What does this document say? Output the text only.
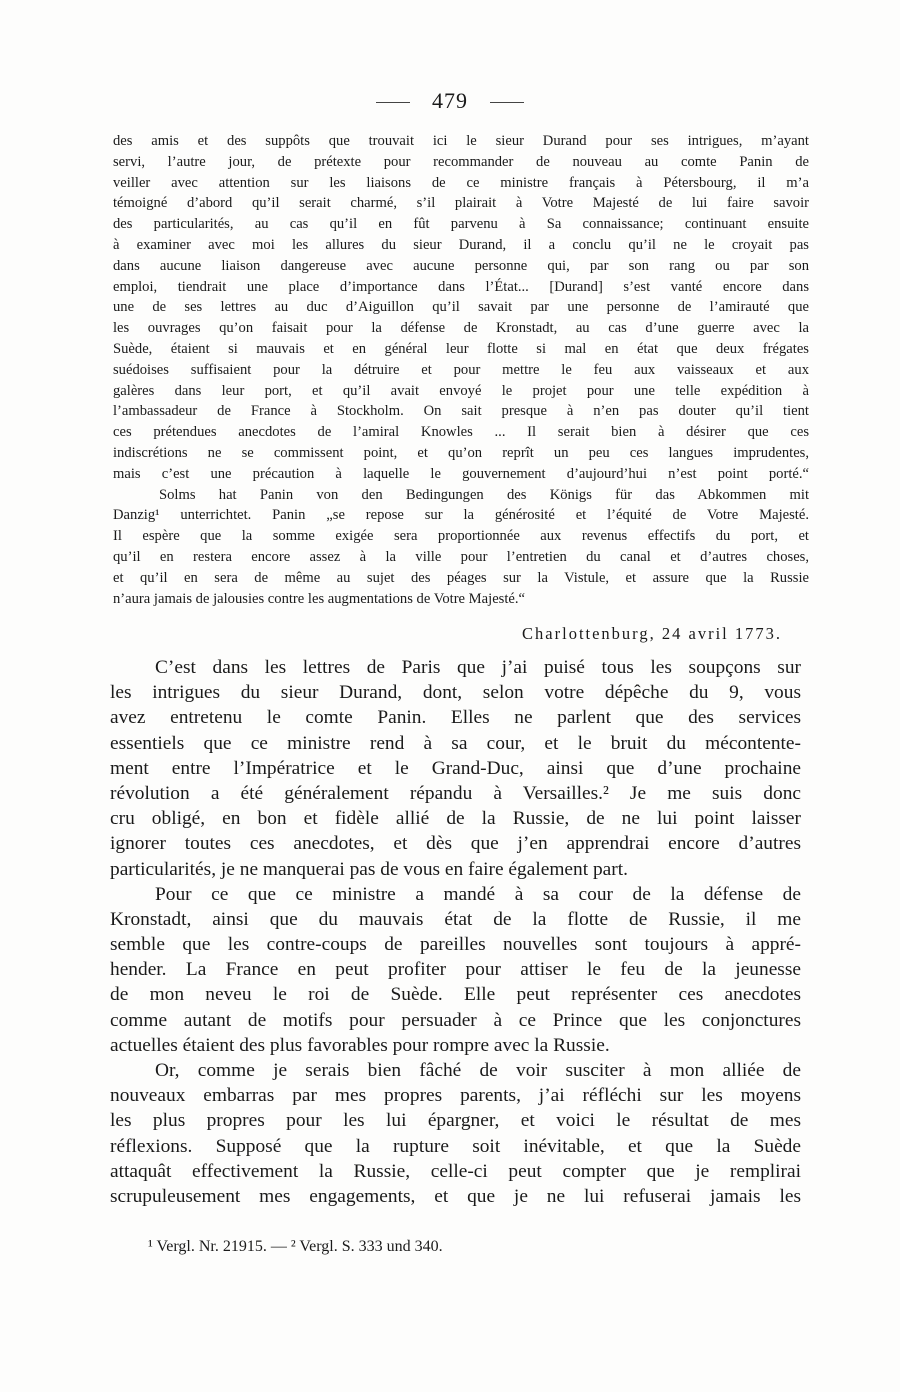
479
des amis et des suppôts que trouvait ici le sieur Durand pour ses intrigues, m’ayant
servi, l’autre jour, de prétexte pour recommander de nouveau au comte Panin de
veiller avec attention sur les liaisons de ce ministre français à Pétersbourg, il m’a
témoigné d’abord qu’il serait charmé, s’il plairait à Votre Majesté de lui faire savoir
des particularités, au cas qu’il en fût parvenu à Sa connaissance; continuant ensuite
à examiner avec moi les allures du sieur Durand, il a conclu qu’il ne le croyait pas
dans aucune liaison dangereuse avec aucune personne qui, par son rang ou par son
emploi, tiendrait une place d’importance dans l’État... [Durand] s’est vanté encore dans
une de ses lettres au duc d’Aiguillon qu’il savait par une personne de l’amirauté que
les ouvrages qu’on faisait pour la défense de Kronstadt, au cas d’une guerre avec la
Suède, étaient si mauvais et en général leur flotte si mal en état que deux frégates
suédoises suffisaient pour la détruire et pour mettre le feu aux vaisseaux et aux
galères dans leur port, et qu’il avait envoyé le projet pour une telle expédition à
l’ambassadeur de France à Stockholm. On sait presque à n’en pas douter qu’il tient
ces prétendues anecdotes de l’amiral Knowles ... Il serait bien à désirer que ces
indiscrétions ne se commissent point, et qu’on reprît un peu ces langues imprudentes,
mais c’est une précaution à laquelle le gouvernement d’aujourd’hui n’est point porté.“
Solms hat Panin von den Bedingungen des Königs für das Abkommen mit
Danzig¹ unterrichtet. Panin „se repose sur la générosité et l’équité de Votre Majesté.
Il espère que la somme exigée sera proportionnée aux revenus effectifs du port, et
qu’il en restera encore assez à la ville pour l’entretien du canal et d’autres choses,
et qu’il en sera de même au sujet des péages sur la Vistule, et assure que la Russie
n’aura jamais de jalousies contre les augmentations de Votre Majesté.“
Charlottenburg, 24 avril 1773.
C’est dans les lettres de Paris que j’ai puisé tous les soupçons sur
les intrigues du sieur Durand, dont, selon votre dépêche du 9, vous
avez entretenu le comte Panin. Elles ne parlent que des services
essentiels que ce ministre rend à sa cour, et le bruit du mécontente-
ment entre l’Impératrice et le Grand-Duc, ainsi que d’une prochaine
révolution a été généralement répandu à Versailles.² Je me suis donc
cru obligé, en bon et fidèle allié de la Russie, de ne lui point laisser
ignorer toutes ces anecdotes, et dès que j’en apprendrai encore d’autres
particularités, je ne manquerai pas de vous en faire également part.
Pour ce que ce ministre a mandé à sa cour de la défense de
Kronstadt, ainsi que du mauvais état de la flotte de Russie, il me
semble que les contre-coups de pareilles nouvelles sont toujours à appré-
hender. La France en peut profiter pour attiser le feu de la jeunesse
de mon neveu le roi de Suède. Elle peut représenter ces anecdotes
comme autant de motifs pour persuader à ce Prince que les conjonctures
actuelles étaient des plus favorables pour rompre avec la Russie.
Or, comme je serais bien fâché de voir susciter à mon alliée de
nouveaux embarras par mes propres parents, j’ai réfléchi sur les moyens
les plus propres pour les lui épargner, et voici le résultat de mes
réflexions. Supposé que la rupture soit inévitable, et que la Suède
attaquât effectivement la Russie, celle-ci peut compter que je remplirai
scrupuleusement mes engagements, et que je ne lui refuserai jamais les
¹ Vergl. Nr. 21915. — ² Vergl. S. 333 und 340.
